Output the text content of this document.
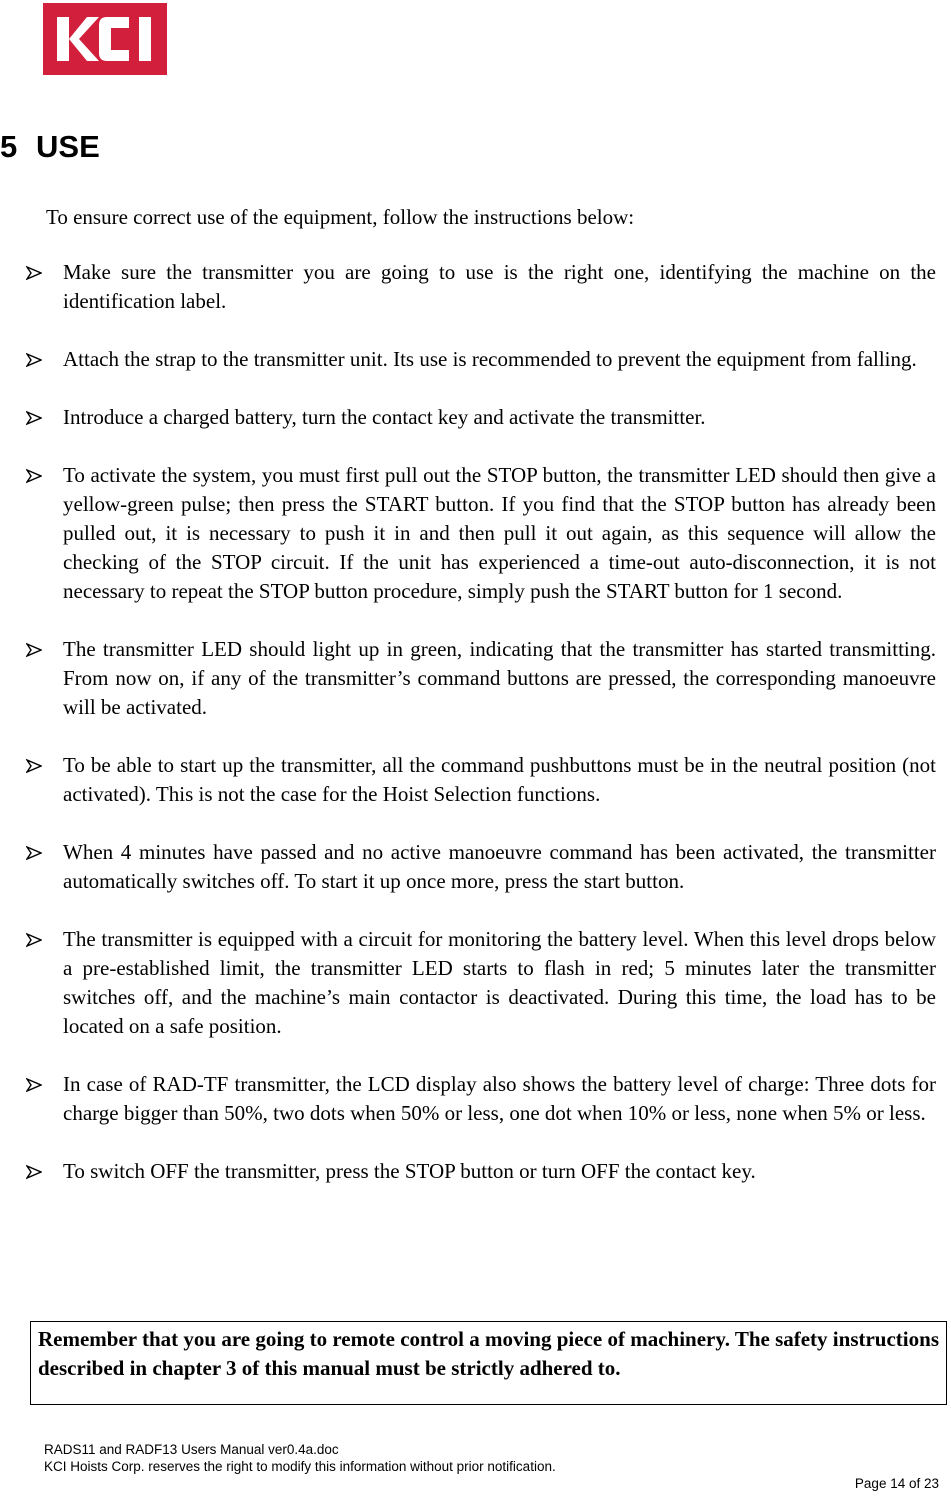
5 USE
To ensure correct use of the equipment, follow the instructions below:
Make sure the transmitter you are going to use is the right one, identifying the machine on the identification label.
Attach the strap to the transmitter unit. Its use is recommended to prevent the equipment from falling.
Introduce a charged battery, turn the contact key and activate the transmitter.
To activate the system, you must first pull out the STOP button, the transmitter LED should then give a yellow-green pulse; then press the START button. If you find that the STOP button has already been pulled out, it is necessary to push it in and then pull it out again, as this sequence will allow the checking of the STOP circuit. If the unit has experienced a time-out auto-disconnection, it is not necessary to repeat the STOP button procedure, simply push the START button for 1 second.
The transmitter LED should light up in green, indicating that the transmitter has started transmitting. From now on, if any of the transmitter’s command buttons are pressed, the corresponding manoeuvre will be activated.
To be able to start up the transmitter, all the command pushbuttons must be in the neutral position (not activated). This is not the case for the Hoist Selection functions.
When 4 minutes have passed and no active manoeuvre command has been activated, the transmitter automatically switches off. To start it up once more, press the start button.
The transmitter is equipped with a circuit for monitoring the battery level. When this level drops below a pre-established limit, the transmitter LED starts to flash in red; 5 minutes later the transmitter switches off, and the machine’s main contactor is deactivated. During this time, the load has to be located on a safe position.
In case of RAD-TF transmitter, the LCD display also shows the battery level of charge: Three dots for charge bigger than 50%, two dots when 50% or less, one dot when 10% or less, none when 5% or less.
To switch OFF the transmitter, press the STOP button or turn OFF the contact key.
Remember that you are going to remote control a moving piece of machinery. The safety instructions described in chapter 3 of this manual must be strictly adhered to.
RADS11 and RADF13 Users Manual ver0.4a.doc
KCI Hoists Corp. reserves the right to modify this information without prior notification.
Page 14 of 23
